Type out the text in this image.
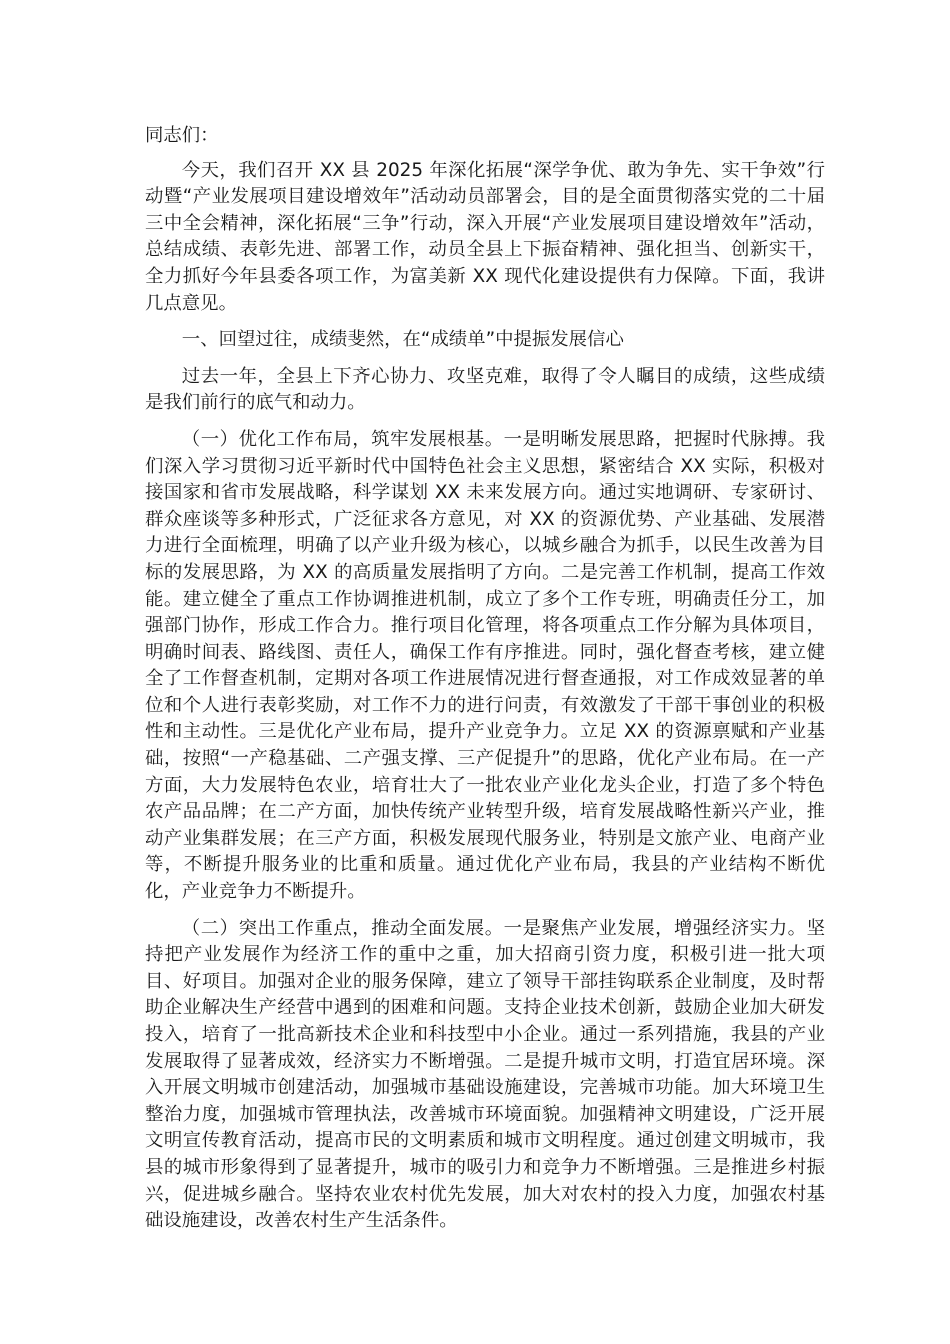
同志们：

今天，我们召开 XX 县 2025 年深化拓展“深学争优、敢为争先、实干争效”行动暨“产业发展项目建设增效年”活动动员部署会，目的是全面贯彻落实党的二十届三中全会精神，深化拓展“三争”行动，深入开展“产业发展项目建设增效年”活动，总结成绩、表彰先进、部署工作，动员全县上下振奋精神、强化担当、创新实干，全力抓好今年县委各项工作，为富美新 XX 现代化建设提供有力保障。下面，我讲几点意见。

一、回望过往，成绩斐然，在“成绩单”中提振发展信心

过去一年，全县上下齐心协力、攻坚克难，取得了令人瞩目的成绩，这些成绩是我们前行的底气和动力。

（一）优化工作布局，筑牢发展根基。一是明晰发展思路，把握时代脉搏。我们深入学习贯彻习近平新时代中国特色社会主义思想，紧密结合 XX 实际，积极对接国家和省市发展战略，科学谋划 XX 未来发展方向。通过实地调研、专家研讨、群众座谈等多种形式，广泛征求各方意见，对 XX 的资源优势、产业基础、发展潜力进行全面梳理，明确了以产业升级为核心，以城乡融合为抓手，以民生改善为目标的发展思路，为 XX 的高质量发展指明了方向。二是完善工作机制，提高工作效能。建立健全了重点工作协调推进机制，成立了多个工作专班，明确责任分工，加强部门协作，形成工作合力。推行项目化管理，将各项重点工作分解为具体项目，明确时间表、路线图、责任人，确保工作有序推进。同时，强化督查考核，建立健全了工作督查机制，定期对各项工作进展情况进行督查通报，对工作成效显著的单位和个人进行表彰奖励，对工作不力的进行问责，有效激发了干部干事创业的积极性和主动性。三是优化产业布局，提升产业竞争力。立足 XX 的资源禀赋和产业基础，按照“一产稳基础、二产强支撑、三产促提升”的思路，优化产业布局。在一产方面，大力发展特色农业，培育壮大了一批农业产业化龙头企业，打造了多个特色农产品品牌；在二产方面，加快传统产业转型升级，培育发展战略性新兴产业，推动产业集群发展；在三产方面，积极发展现代服务业，特别是文旅产业、电商产业等，不断提升服务业的比重和质量。通过优化产业布局，我县的产业结构不断优化，产业竞争力不断提升。

（二）突出工作重点，推动全面发展。一是聚焦产业发展，增强经济实力。坚持把产业发展作为经济工作的重中之重，加大招商引资力度，积极引进一批大项目、好项目。加强对企业的服务保障，建立了领导干部挂钩联系企业制度，及时帮助企业解决生产经营中遇到的困难和问题。支持企业技术创新，鼓励企业加大研发投入，培育了一批高新技术企业和科技型中小企业。通过一系列措施，我县的产业发展取得了显著成效，经济实力不断增强。二是提升城市文明，打造宜居环境。深入开展文明城市创建活动，加强城市基础设施建设，完善城市功能。加大环境卫生整治力度，加强城市管理执法，改善城市环境面貌。加强精神文明建设，广泛开展文明宣传教育活动，提高市民的文明素质和城市文明程度。通过创建文明城市，我县的城市形象得到了显著提升，城市的吸引力和竞争力不断增强。三是推进乡村振兴，促进城乡融合。坚持农业农村优先发展，加大对农村的投入力度，加强农村基础设施建设，改善农村生产生活条件。
